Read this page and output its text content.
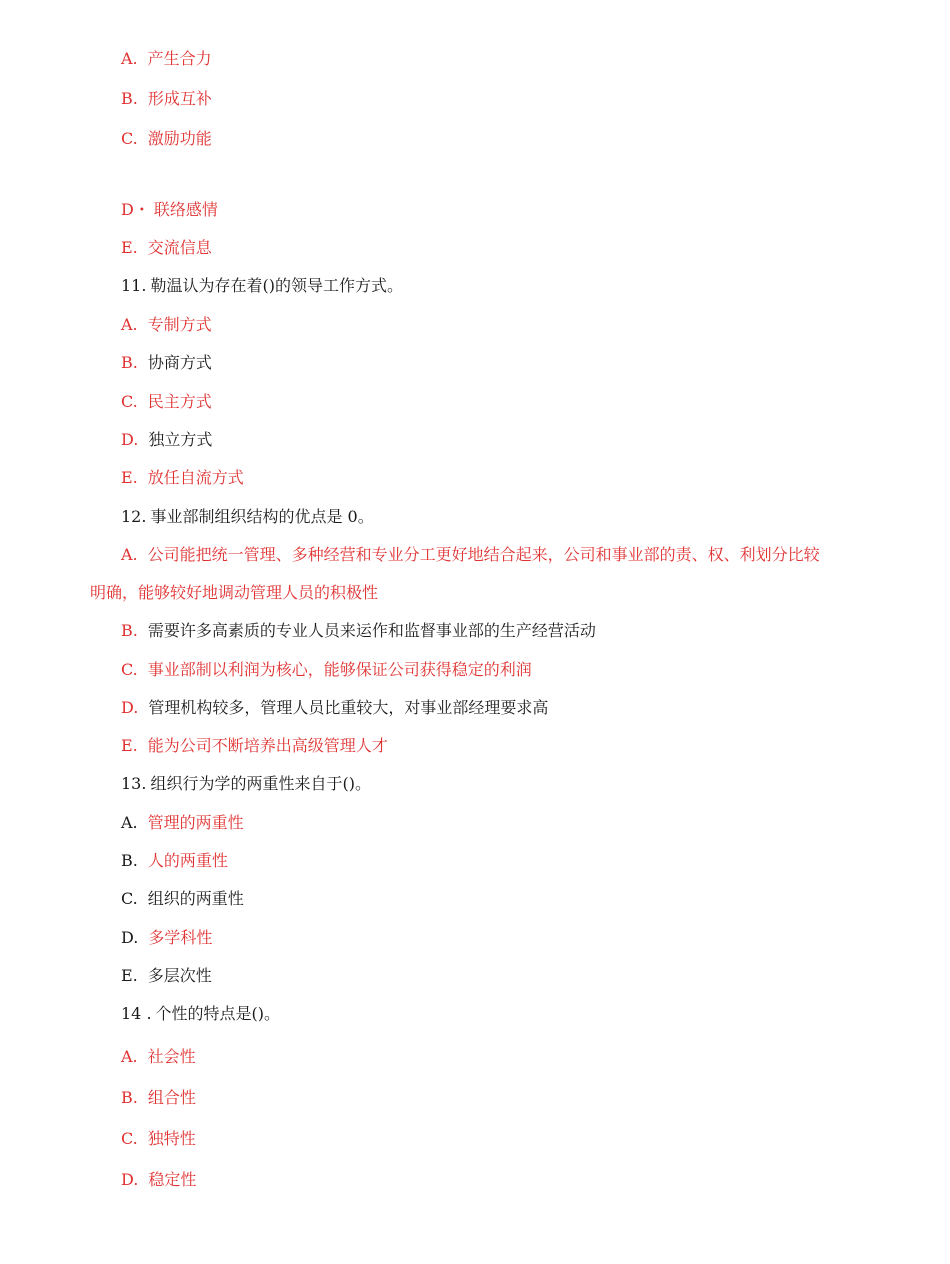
A. 产生合力
B. 形成互补
C. 激励功能
D・ 联络感情
E. 交流信息
11. 勒温认为存在着()的领导工作方式。
A. 专制方式
B. 协商方式
C. 民主方式
D. 独立方式
E. 放任自流方式
12. 事业部制组织结构的优点是 0。
A. 公司能把统一管理、多种经营和专业分工更好地结合起来，公司和事业部的责、权、利划分比较
明确，能够较好地调动管理人员的积极性
B. 需要许多高素质的专业人员来运作和监督事业部的生产经营活动
C. 事业部制以利润为核心，能够保证公司获得稳定的利润
D. 管理机构较多，管理人员比重较大，对事业部经理要求高
E. 能为公司不断培养出高级管理人才
13. 组织行为学的两重性来自于()。
A. 管理的两重性
B. 人的两重性
C. 组织的两重性
D. 多学科性
E. 多层次性
14 . 个性的特点是()。
A. 社会性
B. 组合性
C. 独特性
D. 稳定性
